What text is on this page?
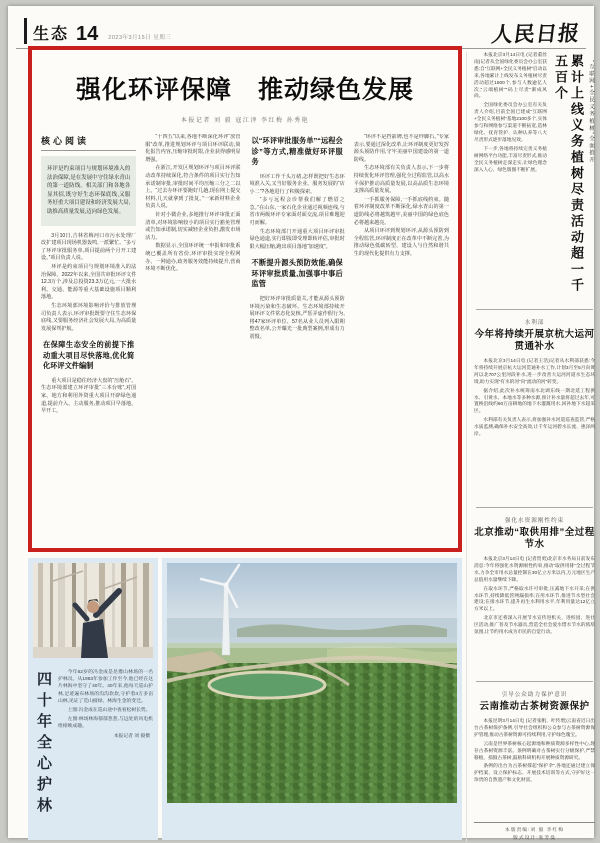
生态 14 2023年3月15日 星期三	人民日报
强化环评保障　推动绿色发展
本报记者 刘 毅 寇江泽 李红梅 孙秀艳
核心阅读
环评是约束项目与规划环境准入的法治保障,是在发展中守住绿水青山的第一道防线。相关部门和各地各显其招,既守好生态环保底线,又服务好重大项目建设和经济发展大局,助推高质量发展,迈向绿色发展。

3月10日,吉林省梅河口市污水处理厂改扩建项目现场机器轰鸣,一派繁忙。“多亏了环评审批服务单,项目提前两个月开工建设。”项目负责人说。

环评是约束项目与规划环境准入的法治保障。2022年以来,全国共审批环评文件12.3万个,涉及总投资23.3万亿元,一大批水利、交通、能源等重大基础设施项目顺利落地。

生态环境部环境影响评价与排放管理司负责人表示,环评审批既要守住生态环保底线,又要服务经济社会发展大局,为高质量发展保驾护航。

在保障生态安全的前提下推动重大项目尽快落地,优化简化环评文件编制

重大项目是稳住经济大盘的“压舱石”。生态环境部建立环评审批“三本台账”,对国家、地方和利用外资重大项目开辟绿色通道,提前介入、主动服务,推动项目早落地、早开工。

“十四五”以来,各地不断深化环评“放管服”改革,推进规划环评与项目环评联动,简化报告内容,压缩审批时限,企业获得感明显增强。

在浙江,开发区规划环评与项目环评联动改革持续深化,符合条件的项目实行告知承诺制审批,审批时间平均压缩三分之二以上。“过去办环评要跑好几趟,现在网上提交材料,几天就拿到了批复。”一家新材料企业负责人说。

针对小微企业,多地推行环评审批正面清单,对环境影响较小的项目实行豁免管理或告知承诺制,切实减轻企业负担,激发市场活力。

数据显示,全国环评统一申报和审批系统已覆盖所有省份,环评审批实现全程网办、一网通办,政务服务效能持续提升,营商环境不断优化。

以“环评审批服务单”“远程会诊”等方式,精准做好环评服务

环评工作千头万绪,怎样既把好生态环境准入关,又当好服务企业、服务发展的“店小二”?各地进行了积极探索。

“多亏远程会诊帮我们解了燃眉之急。”在山东,一家石化企业通过视频连线,与省市两级环评专家面对面交流,项目难题迎刃而解。

生态环境部门开通重大项目环评审批绿色通道,实行即报即受理即转评估,审批时限大幅压缩,跑出项目落地“加速度”。

不断提升源头预防效能,确保环评审批质量,加强事中事后监管

把好环评审批质量关,才能从源头预防环境污染和生态破坏。生态环境部持续开展环评文件常态化复核,严惩弄虚作假行为,将47家环评单位、57名从业人员列入限期整改名单,公开曝光一批典型案例,形成有力震慑。

“环评不是挡箭牌,也不是绊脚石。”专家表示,要通过深化改革,让环评制度更好发挥源头预防作用,守牢美丽中国建设的第一道防线。

生态环境部有关负责人表示,下一步将持续优化环评管理,强化全过程监管,以高水平保护推动高质量发展,以高品质生态环境支撑高质量发展。

一手抓服务保障,一手抓底线约束。随着环评制度改革不断深化,绿水青山的第一道防线必将越筑越牢,美丽中国的绿色底色必将越来越亮。

从项目环评到规划环评,从源头预防到全程监管,环评制度正在改革中不断完善,为推动绿色低碳转型、建设人与自然和谐共生的现代化提供有力支撑。

四十年全心护林	今年62岁的冯金成是昆嵛山林场的一名护林员。从1983年参加工作至今,他已经在这片林海中坚守了40年。40年来,他每天巡山护林,足迹遍布林场的沟沟坎坎,守护着4万多亩山林,见证了荒山披绿、林海生金的变迁。

上图:冯金成在巡山途中查看松树长势。

左图:林场林海郁郁葱葱,与远处的风电机组相映成趣。

本报记者 刘 毅摄

“互联网+全民义务植树”全面推开
累计上线义务植树尽责活动超一千五百个

本报北京3月14日电 (记者董丝雨)记者从全国绿化委员会办公室获悉:自“互联网+全民义务植树”启动以来,各地累计上线发布义务植树尽责活动超过1500个,参与人数逾亿人次,“云端植树”“码上尽责”渐成风尚。

全国绿化委员会办公室有关负责人介绍,目前全国已建成“互联网+全民义务植树”基地2100多个,实体参与和网络参与渠道不断拓宽,造林绿化、抚育管护、认种认养等八大尽责形式逐步落地见效。

下一步,各地将持续完善义务植树网络平台功能,丰富尽责形式,推动全民义务植树走深走实,让绿色理念深入人心、绿色版图不断扩展。

水利部
今年将持续开展京杭大运河贯通补水

本报北京3月14日电 (记者王浩)记者从水利部获悉:今年将持续开展京杭大运河贯通补水工作,计划3月至5月向黄河以北707公里河段补水,进一步改善大运河河道水生态环境,助力实现“有水的河”向“流动的河”转变。

据介绍,此次补水统筹南水北调东线一期北延工程供水、引黄水、本地水等多种水源,预计补水量将超过去年,可置换沿线约60万亩耕地的地下水灌溉用水,回补地下水超采区。

水利部有关负责人表示,将加强补水河道巡查监管,严格水质监测,确保补水安全高效,让千年运河碧水长流、惠泽两岸。

强化水资源刚性约束
北京推动“取供用排”全过程节水

本报北京3月14日电 (记者贺勇)北京市水务局日前发布消息:今年将强化水资源刚性约束,推动“取供用排”全过程节水,力争全市用水总量控制在30亿立方米以内,万元地区生产总值用水量继续下降。

在取水环节,严格取水许可审批,压减地下水开采;在供水环节,持续降低管网漏损率;在用水环节,推进节水型社会建设;在排水环节,提升再生水利用水平,年利用量达12亿立方米以上。

北京市还将深入开展节水宣传进机关、进校园、进社区活动,推广普及节水器具,营造全社会爱水惜水节水的浓厚氛围,让节约用水成为市民的自觉行动。

引导公众助力保护意识
云南推动古茶树资源保护

本报昆明3月14日电 (记者张帆、叶传增)云南省近日出台古茶树保护条例,引导社会组织和公众参与古茶树资源保护管理,推动古茶树资源可持续利用,守护绿色瑰宝。

云南是世界茶树核心起源地和种质资源多样性中心,现存古茶树资源丰富。条例明确对古茶树实行分级保护,严禁移植、损毁古茶树,鼓励科研机构开展种质资源研究。

条例的出台为古茶树撑起“保护伞”,各地还通过建立保护档案、设立保护标志、开展技术培训等方式,守护好这一珍贵的自然遗产和文化财富。

本版责编:刘 毅 李红梅
版式设计:张芳曼
